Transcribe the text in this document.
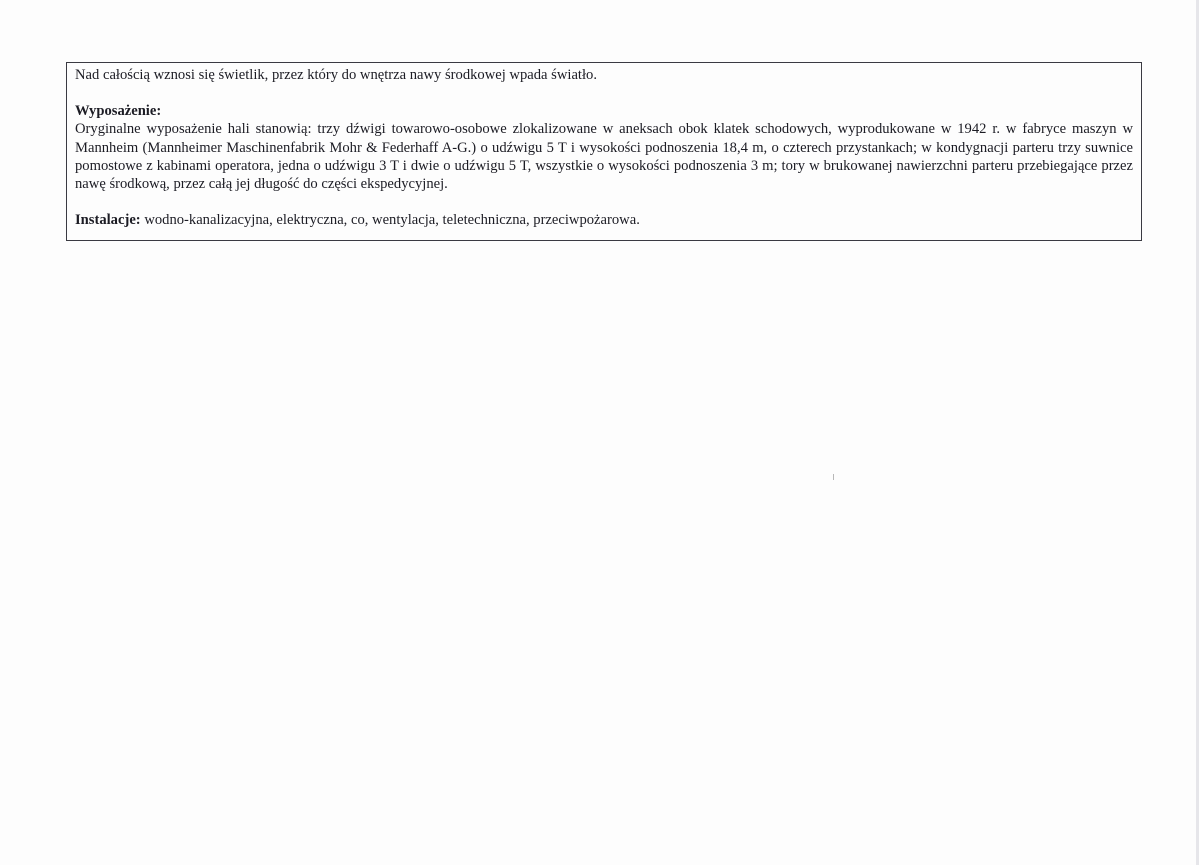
Nad całością wznosi się świetlik, przez który do wnętrza nawy środkowej wpada światło.

Wyposażenie:

Oryginalne wyposażenie hali stanowią: trzy dźwigi towarowo-osobowe zlokalizowane w aneksach obok klatek schodowych, wyprodukowane w 1942 r. w fabryce maszyn w Mannheim (Mannheimer Maschinenfabrik Mohr & Federhaff A-G.) o udźwigu 5 T i wysokości podnoszenia 18,4 m, o czterech przystankach; w kondygnacji parteru trzy suwnice pomostowe z kabinami operatora, jedna o udźwigu 3 T i dwie o udźwigu 5 T, wszystkie o wysokości podnoszenia 3 m; tory w brukowanej nawierzchni parteru przebiegające przez nawę środkową, przez całą jej długość do części ekspedycyjnej.

Instalacje: wodno-kanalizacyjna, elektryczna, co, wentylacja, teletechniczna, przeciwpożarowa.
